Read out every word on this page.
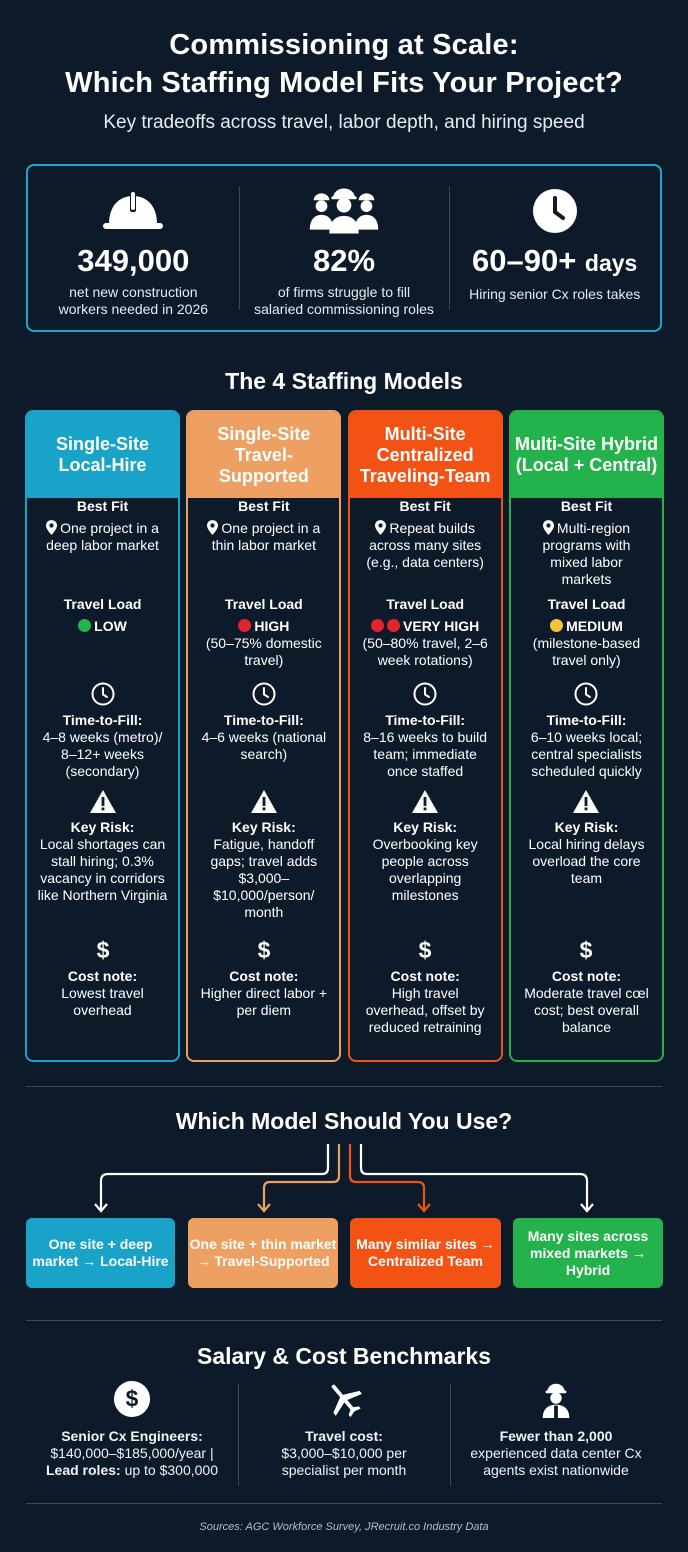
Commissioning at Scale:
Which Staffing Model Fits Your Project?
Key tradeoffs across travel, labor depth, and hiring speed
349,000
net new construction
workers needed in 2026
82%
of firms struggle to fill
salaried commissioning roles
60–90+ days
Hiring senior Cx roles takes
The 4 Staffing Models
Single-Site Local-Hire
Best Fit
One project in a deep labor market
Travel Load
LOW
Time-to-Fill:
4–8 weeks (metro)/ 8–12+ weeks (secondary)
Key Risk:
Local shortages can stall hiring; 0.3% vacancy in corridors like Northern Virginia
$
Cost note:
Lowest travel overhead
Single-Site Travel-Supported
Best Fit
One project in a thin labor market
Travel Load
HIGH
(50–75% domestic travel)
Time-to-Fill:
4–6 weeks (national search)
Key Risk:
Fatigue, handoff gaps; travel adds $3,000–$10,000/person/ month
$
Cost note:
Higher direct labor + per diem
Multi-Site Centralized Traveling-Team
Best Fit
Repeat builds across many sites (e.g., data centers)
Travel Load
VERY HIGH
(50–80% travel, 2–6 week rotations)
Time-to-Fill:
8–16 weeks to build team; immediate once staffed
Key Risk:
Overbooking key people across overlapping milestones
$
Cost note:
High travel overhead, offset by reduced retraining
Multi-Site Hybrid (Local + Central)
Best Fit
Multi-region programs with mixed labor markets
Travel Load
MEDIUM
(milestone-based travel only)
Time-to-Fill:
6–10 weeks local; central specialists scheduled quickly
Key Risk:
Local hiring delays overload the core team
$
Cost note:
Moderate travel cœl cost; best overall balance
Which Model Should You Use?
One site + deep market → Local-Hire
One site + thin market → Travel-Supported
Many similar sites → Centralized Team
Many sites across mixed markets → Hybrid
Salary & Cost Benchmarks
$
Senior Cx Engineers:
$140,000–$185,000/year |
Lead roles: up to $300,000
Travel cost:
$3,000–$10,000 per specialist per month
Fewer than 2,000
experienced data center Cx agents exist nationwide
Sources: AGC Workforce Survey, JRecruit.co Industry Data
